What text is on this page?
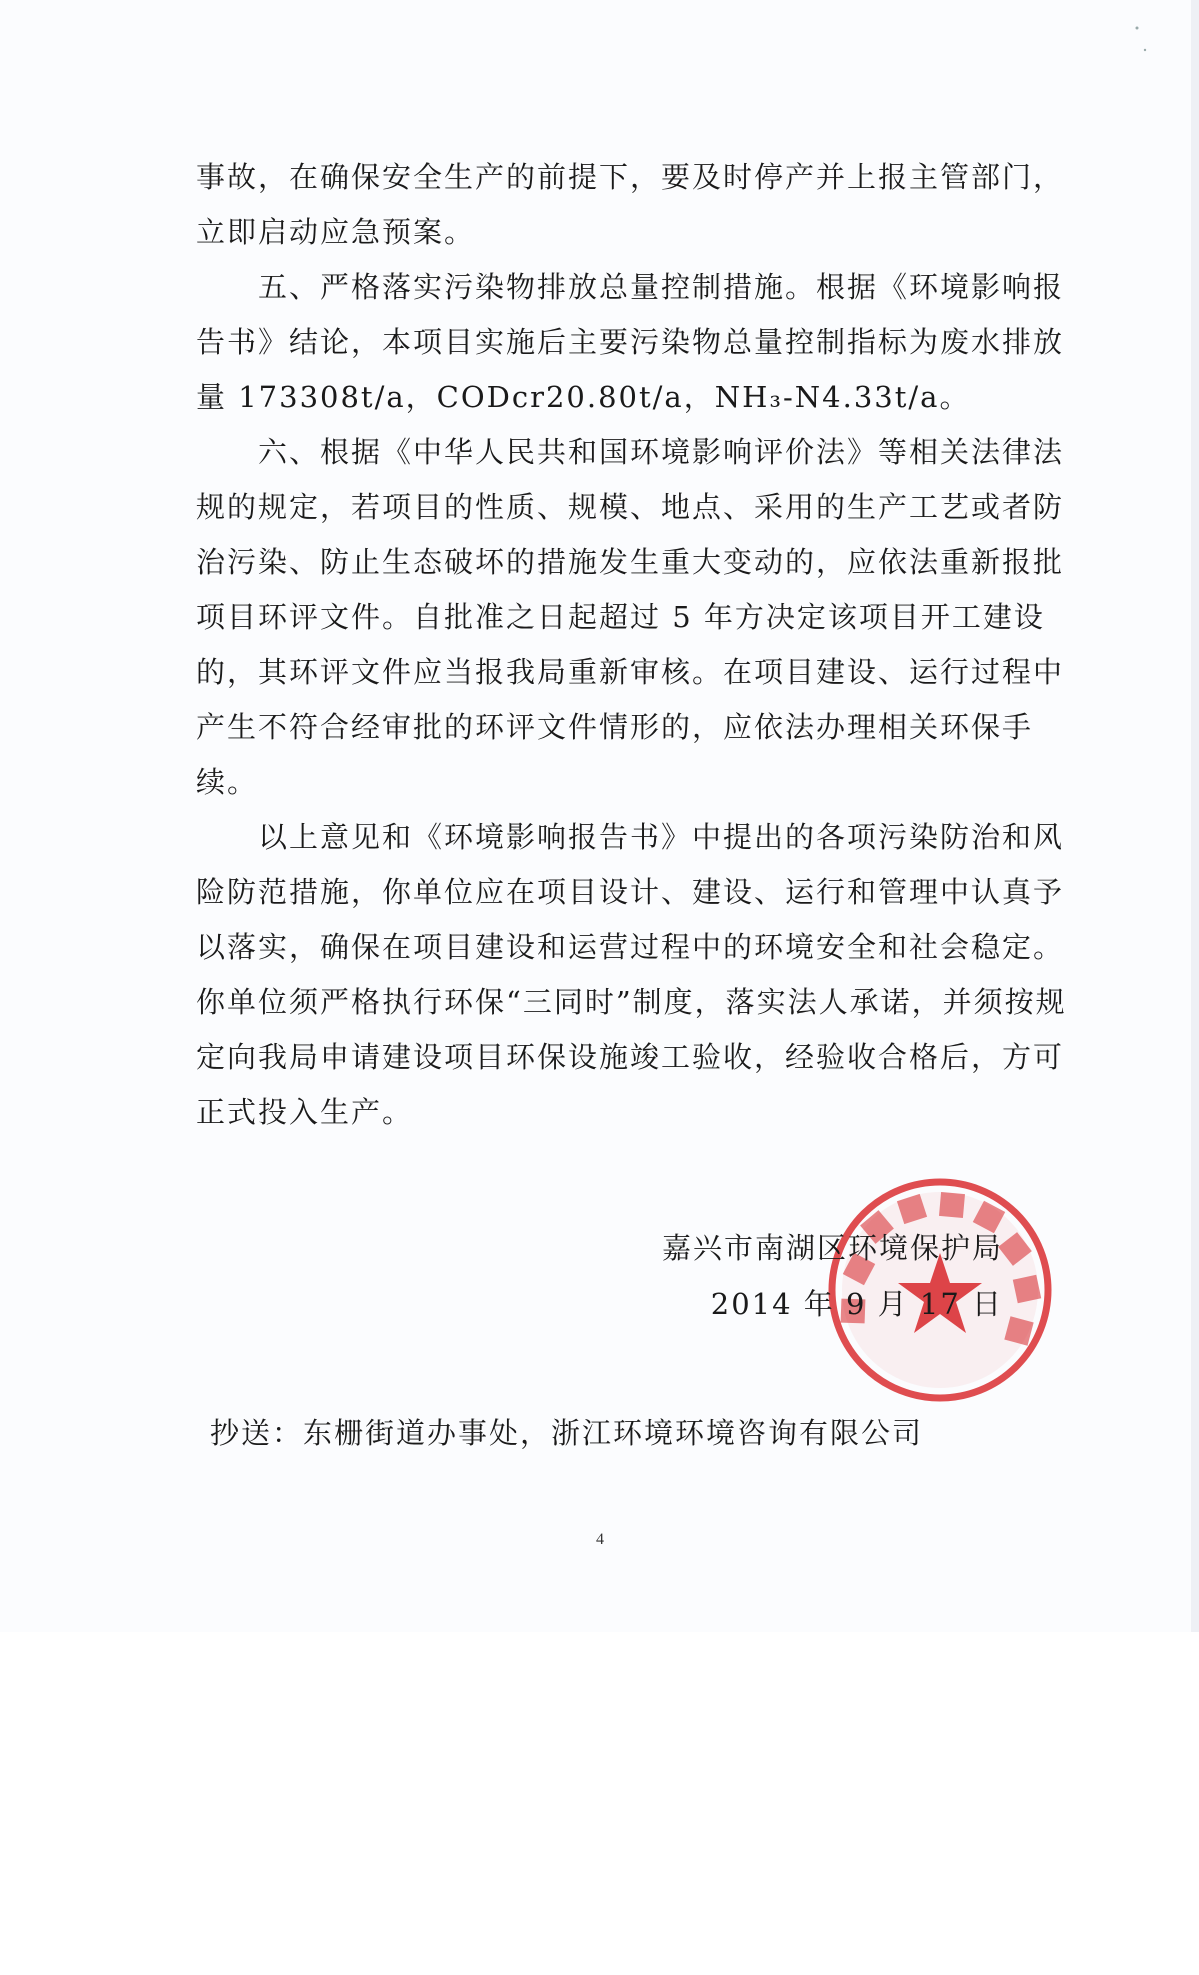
事故，在确保安全生产的前提下，要及时停产并上报主管部门，
立即启动应急预案。
　　五、严格落实污染物排放总量控制措施。根据《环境影响报
告书》结论，本项目实施后主要污染物总量控制指标为废水排放
量 173308t/a，CODcr20.80t/a，NH₃-N4.33t/a。
　　六、根据《中华人民共和国环境影响评价法》等相关法律法
规的规定，若项目的性质、规模、地点、采用的生产工艺或者防
治污染、防止生态破坏的措施发生重大变动的，应依法重新报批
项目环评文件。自批准之日起超过 5 年方决定该项目开工建设
的，其环评文件应当报我局重新审核。在项目建设、运行过程中
产生不符合经审批的环评文件情形的，应依法办理相关环保手
续。
　　以上意见和《环境影响报告书》中提出的各项污染防治和风
险防范措施，你单位应在项目设计、建设、运行和管理中认真予
以落实，确保在项目建设和运营过程中的环境安全和社会稳定。
你单位须严格执行环保“三同时”制度，落实法人承诺，并须按规
定向我局申请建设项目环保设施竣工验收，经验收合格后，方可
正式投入生产。
嘉兴市南湖区环境保护局
2014 年 9 月 17 日
抄送：东栅街道办事处，浙江环境环境咨询有限公司
4
